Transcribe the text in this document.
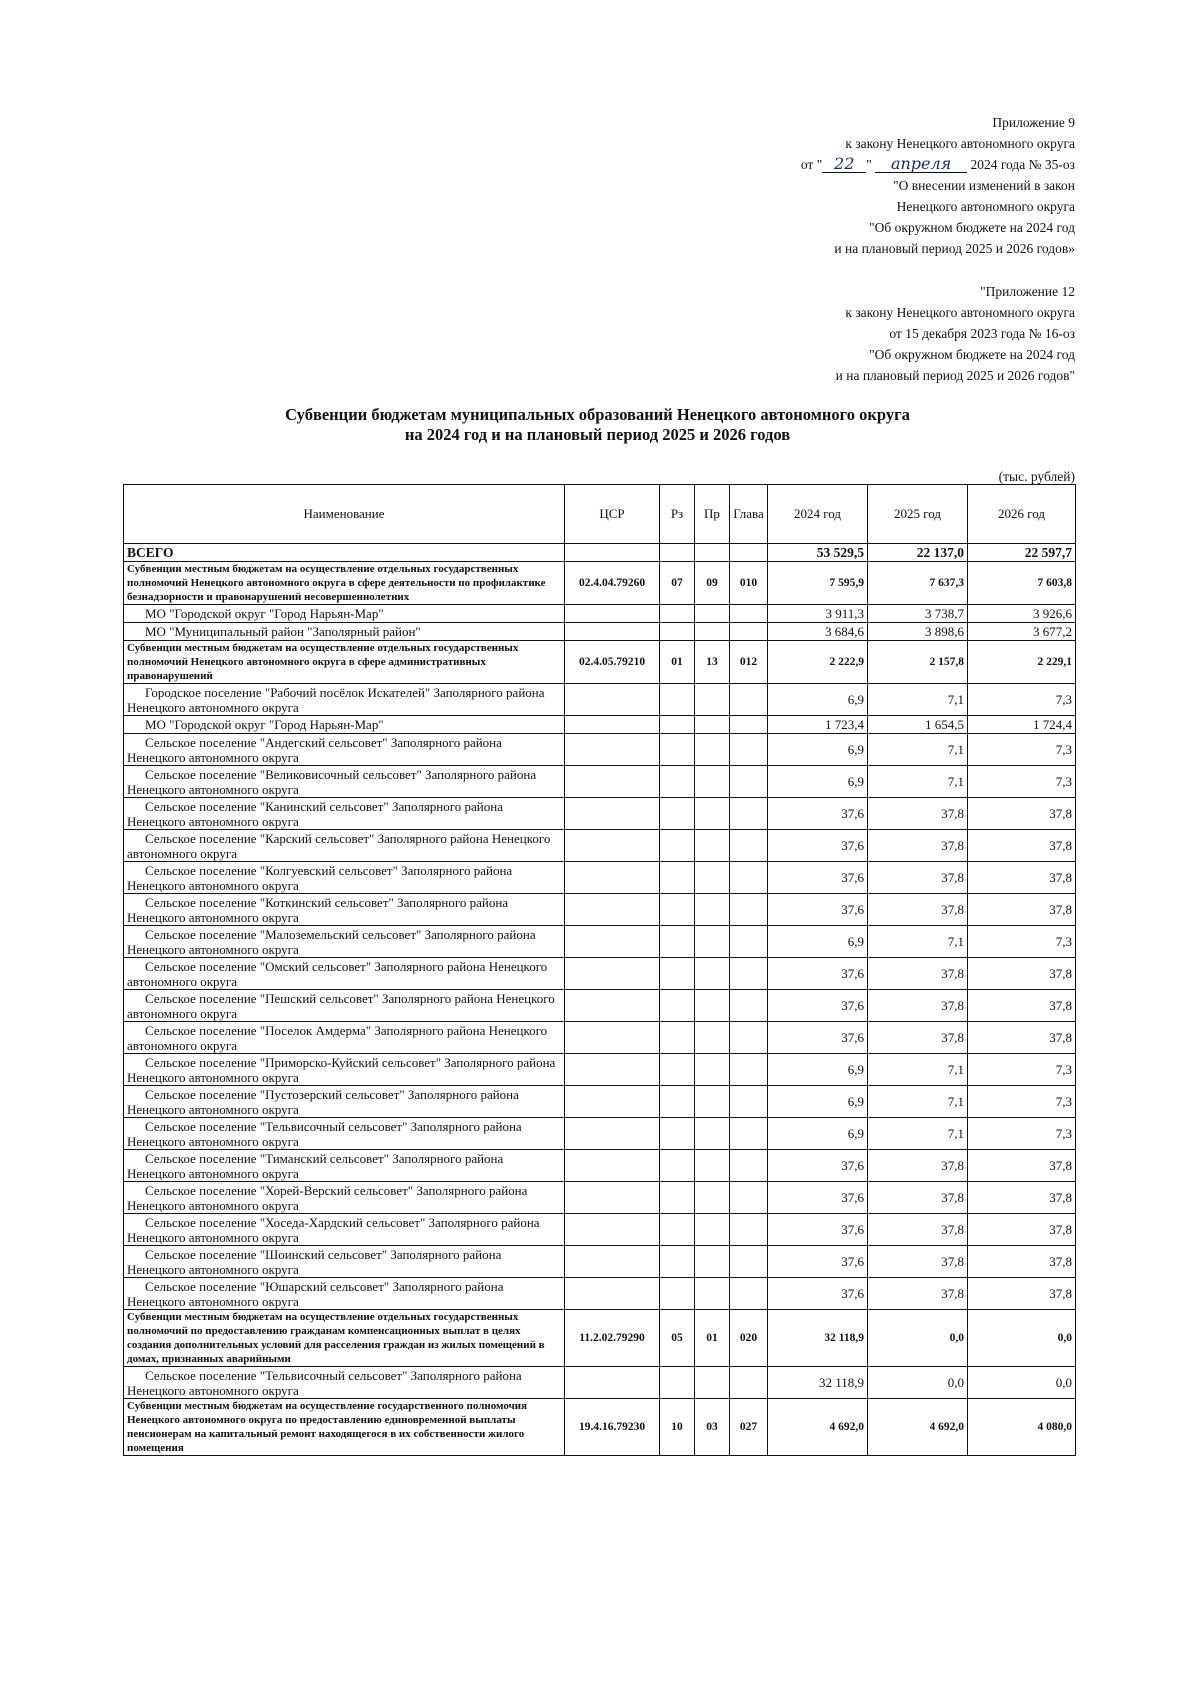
Приложение 9
к закону Ненецкого автономного округа
от " 22 " апреля 2024 года № 35-оз
"О внесении изменений в закон
Ненецкого автономного округа
"Об окружном бюджете на 2024 год
и на плановый период 2025 и 2026 годов»
"Приложение 12
к закону Ненецкого автономного округа
от 15 декабря 2023 года № 16-оз
"Об окружном бюджете на 2024 год
и на плановый период 2025 и 2026 годов"
Субвенции бюджетам муниципальных образований Ненецкого автономного округа
на 2024 год и на плановый период 2025 и 2026 годов
(тыс. рублей)
Наименование	ЦСР	Рз	Пр	Глава	2024 год	2025 год	2026 год
ВСЕГО					53 529,5	22 137,0	22 597,7
Субвенции местным бюджетам на осуществление отдельных государственных полномочий Ненецкого автономного округа в сфере деятельности по профилактике безнадзорности и правонарушений несовершеннолетних	02.4.04.79260	07	09	010	7 595,9	7 637,3	7 603,8
МО "Городской округ "Город Нарьян-Мар"					3 911,3	3 738,7	3 926,6
МО "Муниципальный район "Заполярный район"					3 684,6	3 898,6	3 677,2
Субвенции местным бюджетам на осуществление отдельных государственных полномочий Ненецкого автономного округа в сфере административных правонарушений	02.4.05.79210	01	13	012	2 222,9	2 157,8	2 229,1
Городское поселение "Рабочий посёлок Искателей" Заполярного района Ненецкого автономного округа					6,9	7,1	7,3
МО "Городской округ "Город Нарьян-Мар"					1 723,4	1 654,5	1 724,4
Сельское поселение "Андегский сельсовет" Заполярного района Ненецкого автономного округа					6,9	7,1	7,3
Сельское поселение "Великовисочный сельсовет" Заполярного района Ненецкого автономного округа					6,9	7,1	7,3
Сельское поселение "Канинский сельсовет" Заполярного района Ненецкого автономного округа					37,6	37,8	37,8
Сельское поселение "Карский сельсовет" Заполярного района Ненецкого автономного округа					37,6	37,8	37,8
Сельское поселение "Колгуевский сельсовет" Заполярного района Ненецкого автономного округа					37,6	37,8	37,8
Сельское поселение "Коткинский сельсовет" Заполярного района Ненецкого автономного округа					37,6	37,8	37,8
Сельское поселение "Малоземельский сельсовет" Заполярного района Ненецкого автономного округа					6,9	7,1	7,3
Сельское поселение "Омский сельсовет" Заполярного района Ненецкого автономного округа					37,6	37,8	37,8
Сельское поселение "Пешский сельсовет" Заполярного района Ненецкого автономного округа					37,6	37,8	37,8
Сельское поселение "Поселок Амдерма" Заполярного района Ненецкого автономного округа					37,6	37,8	37,8
Сельское поселение "Приморско-Куйский сельсовет" Заполярного района Ненецкого автономного округа					6,9	7,1	7,3
Сельское поселение "Пустозерский сельсовет" Заполярного района Ненецкого автономного округа					6,9	7,1	7,3
Сельское поселение "Тельвисочный сельсовет" Заполярного района Ненецкого автономного округа					6,9	7,1	7,3
Сельское поселение "Тиманский сельсовет" Заполярного района Ненецкого автономного округа					37,6	37,8	37,8
Сельское поселение "Хорей-Верский сельсовет" Заполярного района Ненецкого автономного округа					37,6	37,8	37,8
Сельское поселение "Хоседа-Хардский сельсовет" Заполярного района Ненецкого автономного округа					37,6	37,8	37,8
Сельское поселение "Шоинский сельсовет" Заполярного района Ненецкого автономного округа					37,6	37,8	37,8
Сельское поселение "Юшарский сельсовет" Заполярного района Ненецкого автономного округа					37,6	37,8	37,8
Субвенции местным бюджетам на осуществление отдельных государственных полномочий по предоставлению гражданам компенсационных выплат в целях создания дополнительных условий для расселения граждан из жилых помещений в домах, признанных аварийными	11.2.02.79290	05	01	020	32 118,9	0,0	0,0
Сельское поселение "Тельвисочный сельсовет" Заполярного района Ненецкого автономного округа					32 118,9	0,0	0,0
Субвенции местным бюджетам на осуществление государственного полномочия Ненецкого автономного округа по предоставлению единовременной выплаты пенсионерам на капитальный ремонт находящегося в их собственности жилого помещения	19.4.16.79230	10	03	027	4 692,0	4 692,0	4 080,0
